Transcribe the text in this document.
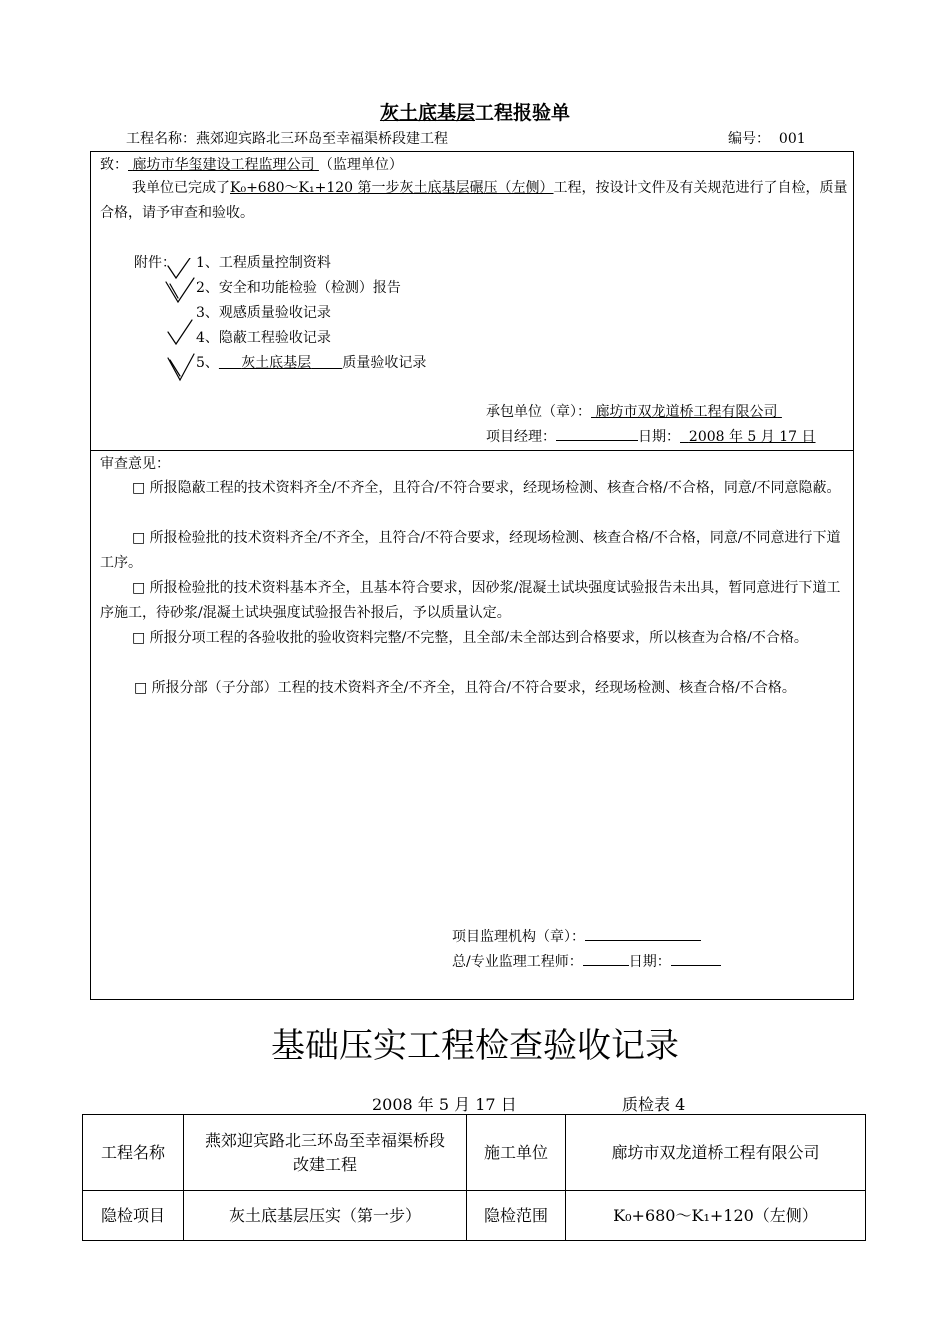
灰土底基层工程报验单
工程名称：燕郊迎宾路北三环岛至幸福渠桥段建工程	编号： 001
致： 廊坊市华玺建设工程监理公司 （监理单位）
我单位已完成了K₀+680～K₁+120 第一步灰土底基层碾压（左侧）工程，按设计文件及有关规范进行了自检，质量合格，请予审查和验收。
附件： 1、工程质量控制资料
2、安全和功能检验（检测）报告
3、观感质量验收记录
4、隐蔽工程验收记录
5、 灰土底基层 质量验收记录
承包单位（章）： 廊坊市双龙道桥工程有限公司
项目经理：	日期： 2008 年 5 月 17 日
审查意见：
□ 所报隐蔽工程的技术资料齐全/不齐全，且符合/不符合要求，经现场检测、核查合格/不合格，同意/不同意隐蔽。
□ 所报检验批的技术资料齐全/不齐全，且符合/不符合要求，经现场检测、核查合格/不合格，同意/不同意进行下道工序。
□ 所报检验批的技术资料基本齐全，且基本符合要求，因砂浆/混凝土试块强度试验报告未出具，暂同意进行下道工序施工，待砂浆/混凝土试块强度试验报告补报后，予以质量认定。
□ 所报分项工程的各验收批的验收资料完整/不完整，且全部/未全部达到合格要求，所以核查为合格/不合格。
□ 所报分部（子分部）工程的技术资料齐全/不齐全，且符合/不符合要求，经现场检测、核查合格/不合格。
项目监理机构（章）：
总/专业监理工程师：	日期：
基础压实工程检查验收记录
2008 年 5 月 17 日	质检表 4
工程名称	燕郊迎宾路北三环岛至幸福渠桥段改建工程	施工单位	廊坊市双龙道桥工程有限公司
隐检项目	灰土底基层压实（第一步）	隐检范围	K₀+680～K₁+120（左侧）
